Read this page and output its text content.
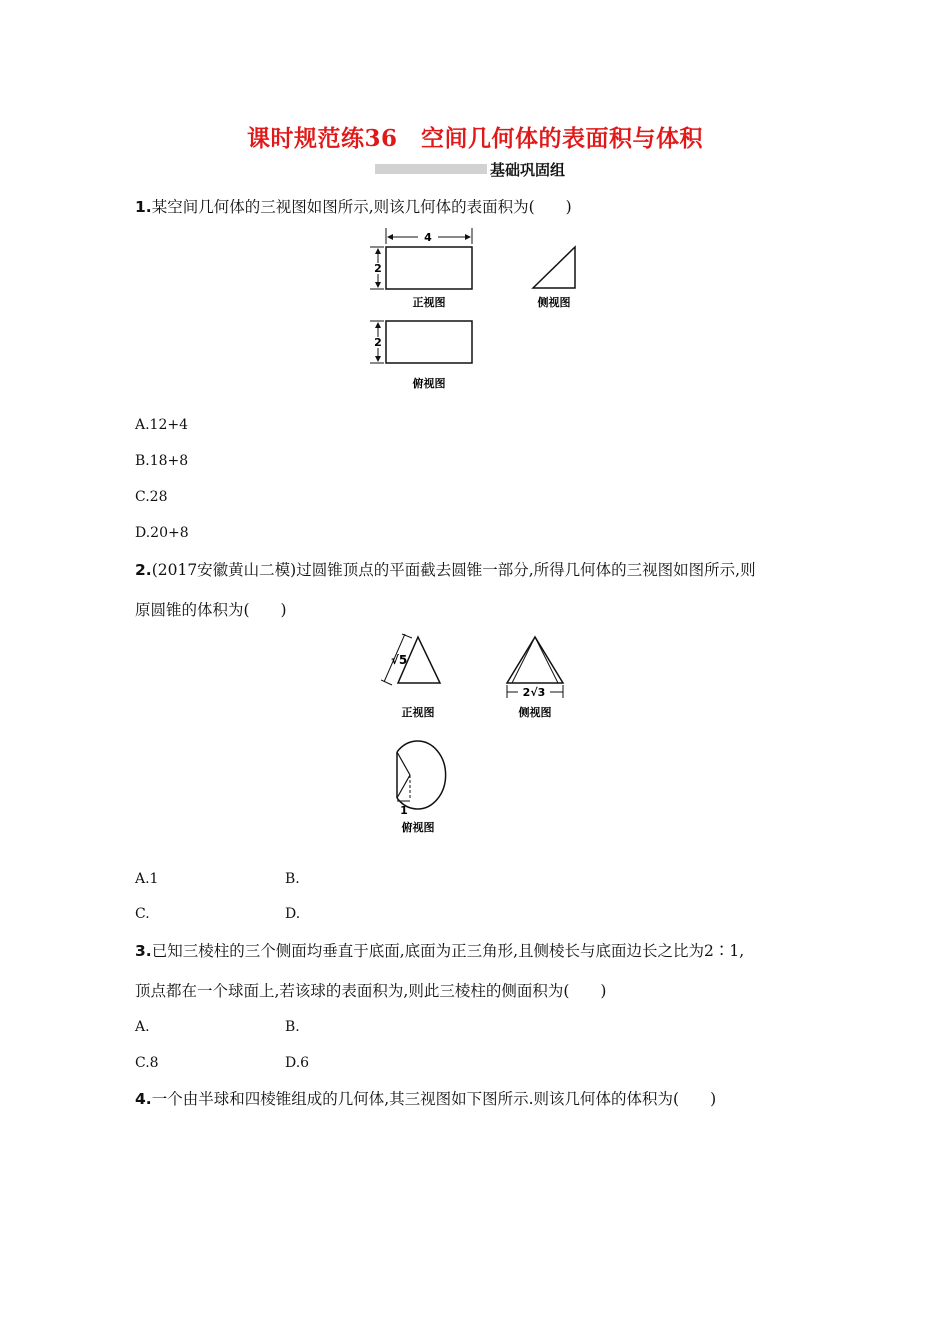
课时规范练36　空间几何体的表面积与体积
基础巩固组
1.某空间几何体的三视图如图所示,则该几何体的表面积为(　　)
4
2
正视图	侧视图
2
俯视图
A.12+4
B.18+8
C.28
D.20+8
2.(2017安徽黄山二模)过圆锥顶点的平面截去圆锥一部分,所得几何体的三视图如图所示,则
原圆锥的体积为(　　)
√5
正视图
2√3
侧视图
1
俯视图
A.1	B.
C.	D.
3.已知三棱柱的三个侧面均垂直于底面,底面为正三角形,且侧棱长与底面边长之比为2∶1,
顶点都在一个球面上,若该球的表面积为,则此三棱柱的侧面积为(　　)
A.	B.
C.8	D.6
4.一个由半球和四棱锥组成的几何体,其三视图如下图所示.则该几何体的体积为(　　)
